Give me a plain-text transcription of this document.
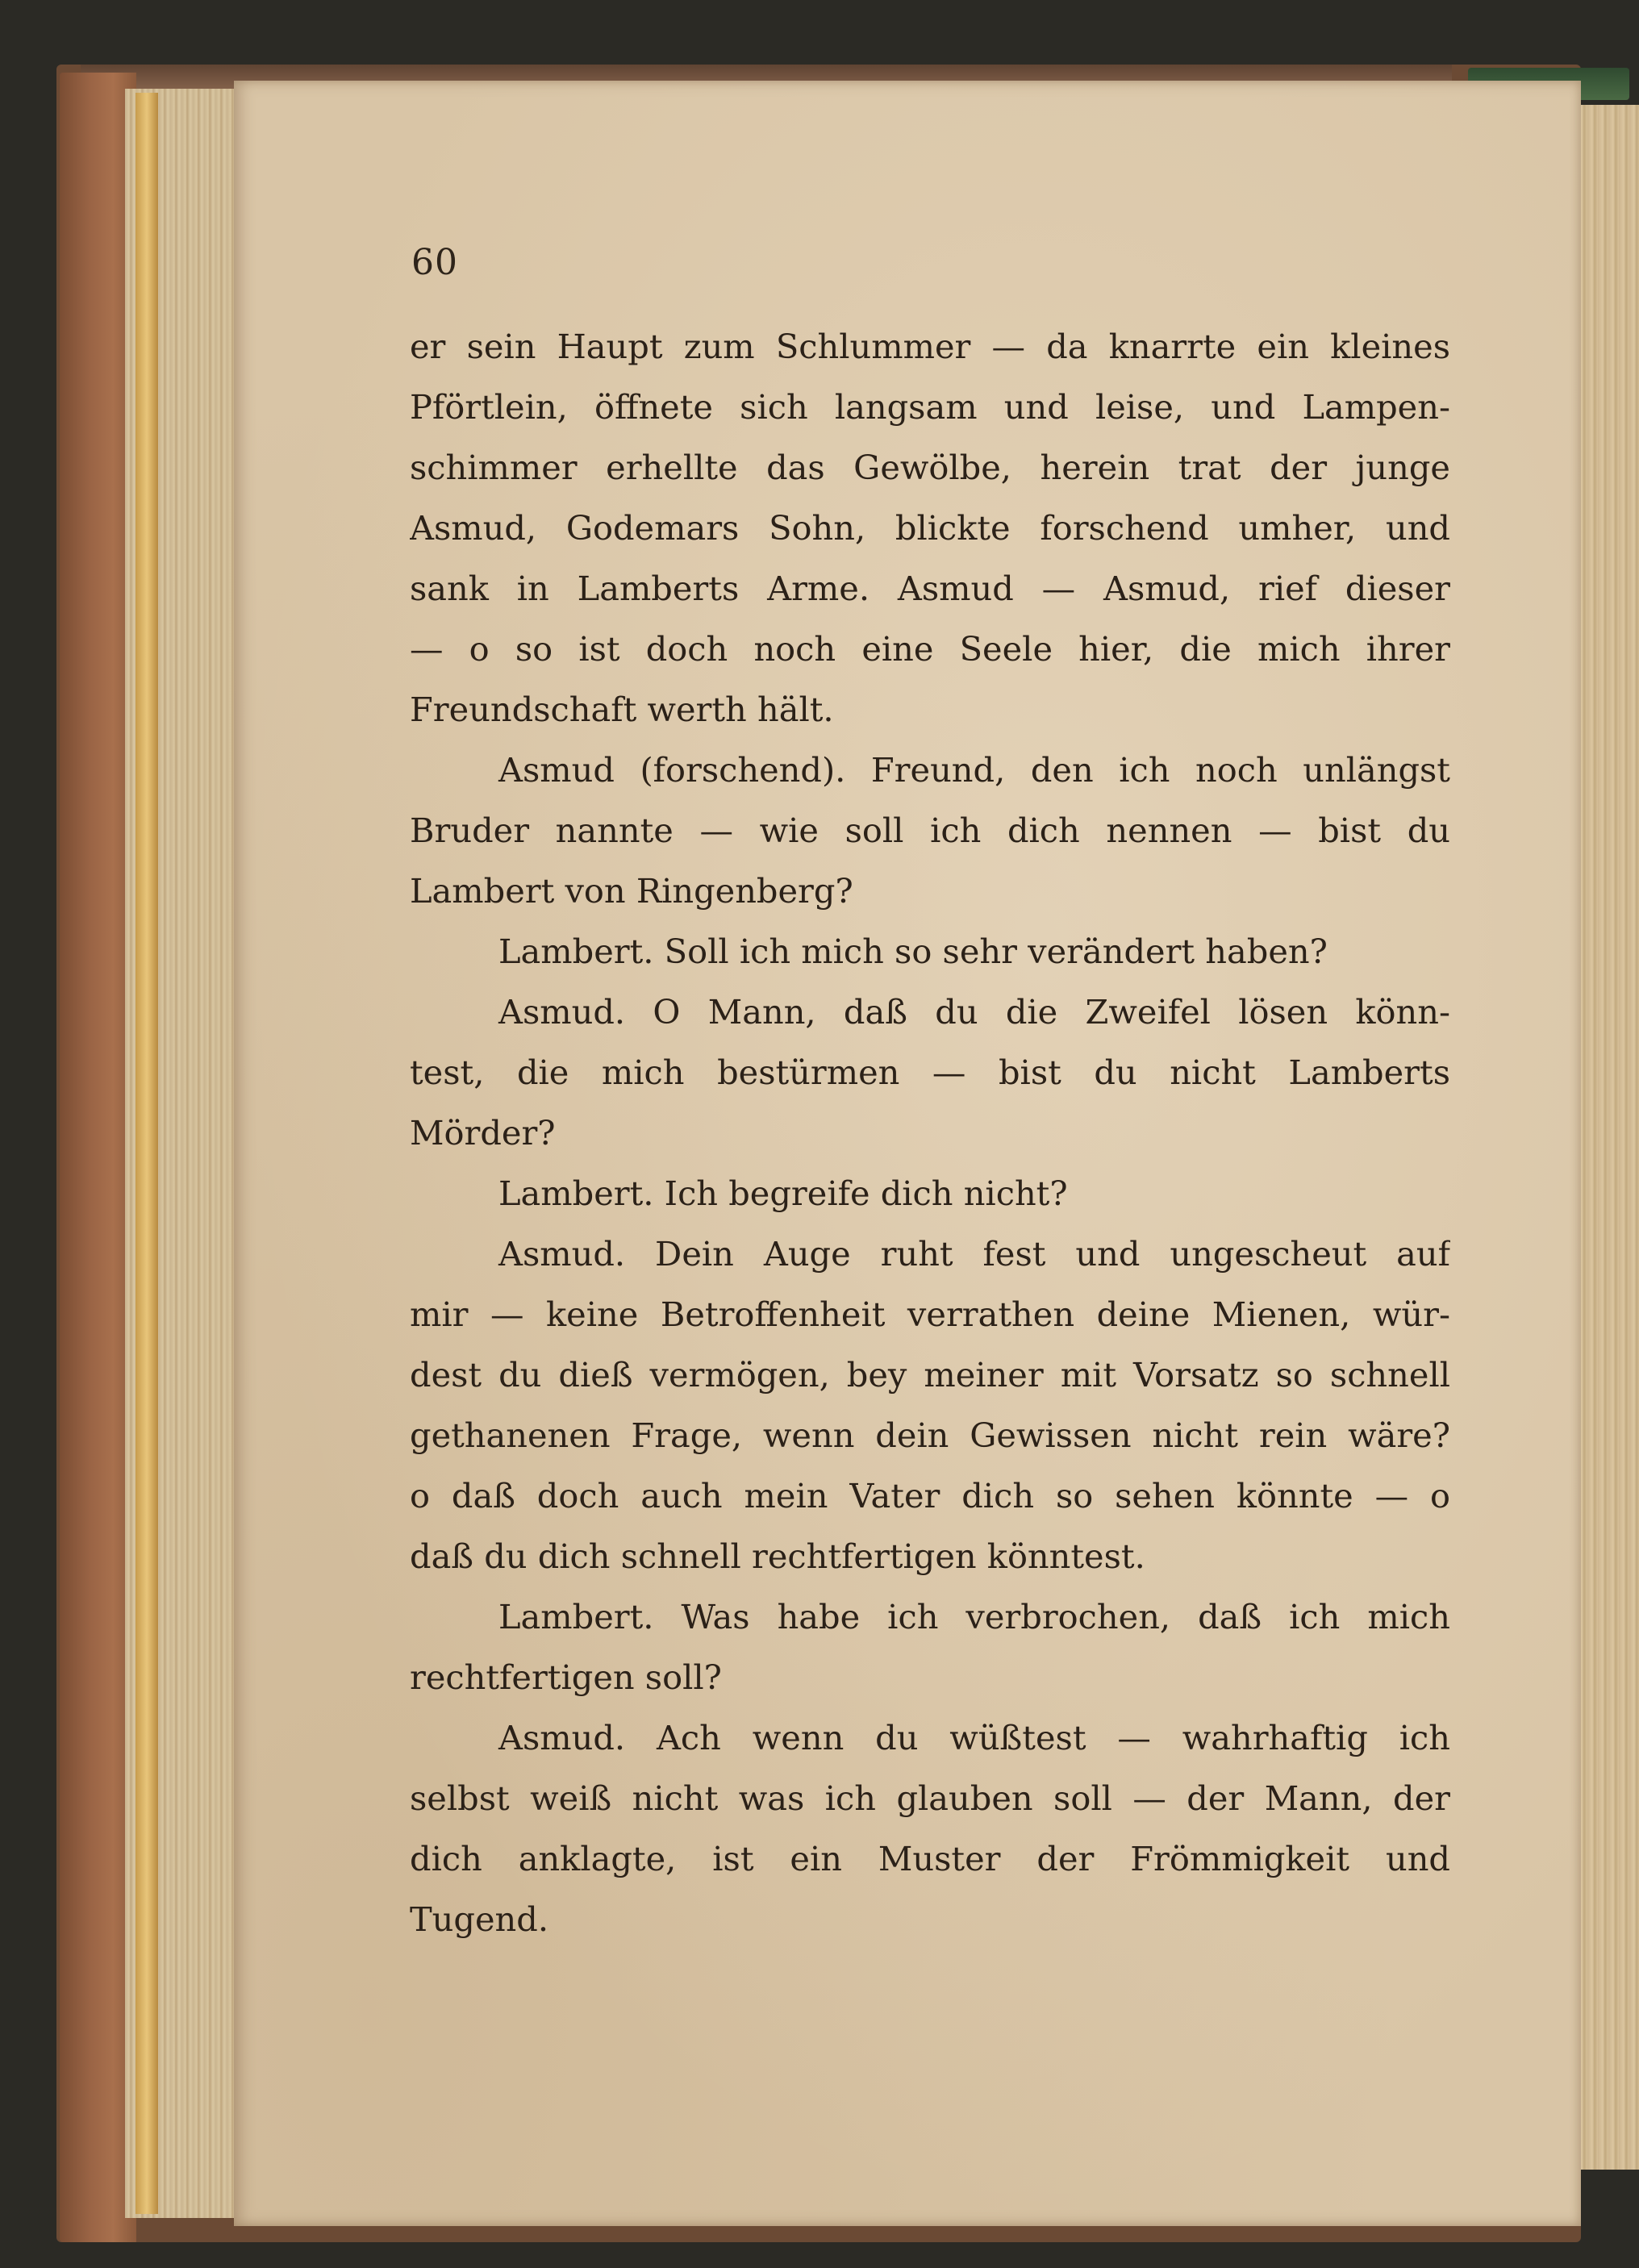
60
er sein Haupt zum Schlummer — da knarrte ein kleines
Pförtlein, öffnete sich langsam und leise, und Lampen-
schimmer erhellte das Gewölbe, herein trat der junge
Asmud, Godemars Sohn, blickte forschend umher, und
sank in Lamberts Arme. Asmud — Asmud, rief dieser
— o so ist doch noch eine Seele hier, die mich ihrer
Freundschaft werth hält.
Asmud (forschend). Freund, den ich noch unlängst
Bruder nannte — wie soll ich dich nennen — bist du
Lambert von Ringenberg?
Lambert. Soll ich mich so sehr verändert haben?
Asmud. O Mann, daß du die Zweifel lösen könn-
test, die mich bestürmen — bist du nicht Lamberts
Mörder?
Lambert. Ich begreife dich nicht?
Asmud. Dein Auge ruht fest und ungescheut auf
mir — keine Betroffenheit verrathen deine Mienen, wür-
dest du dieß vermögen, bey meiner mit Vorsatz so schnell
gethanenen Frage, wenn dein Gewissen nicht rein wäre?
o daß doch auch mein Vater dich so sehen könnte — o
daß du dich schnell rechtfertigen könntest.
Lambert. Was habe ich verbrochen, daß ich mich
rechtfertigen soll?
Asmud. Ach wenn du wüßtest — wahrhaftig ich
selbst weiß nicht was ich glauben soll — der Mann, der
dich anklagte, ist ein Muster der Frömmigkeit und
Tugend.
